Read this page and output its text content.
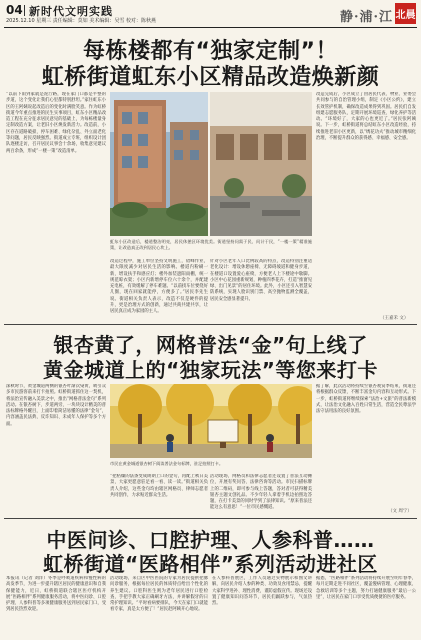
04 新时代文明实践
2025.12.10 星期三 责任编辑：莫如 美术编辑：吴雪 校对：陈秋燕	静·浦·江 北晨
每栋楼都有“独家定制”！
虹桥街道虹东小区精品改造焕新颜
“以前下雨到家就是泥泞路，现在家门口都是平整的步道，这个变化让我们心里都特别舒坦。”家住虹东小区的王阿姨说起改造后的变化时满脸笑意。作为虹桥街道今年重点推进的民生实事项目，虹东小区精品改造工程在充分征求居民意见的基础上，为每栋楼量身定制改造方案，让老旧小区焕发新活力。改造前，小区存在道路破损、停车困难、绿化杂乱、外立面老化等问题，居民反映强烈。街道成立专班，组织设计团队逐楼走访，召开居民议事会十余场，收集意见建议两百余条，形成“一楼一策”改造清单。
虹东小区改造后，楼道整洁明亮，居民休憩区环境优美。街道坚持问需于民、问计于民，“一楼一策”精准施策，让改造真正改到居民心坎上。
改造过程中，施工单位坚持文明施工，错峰作业，最大限度减少对居民生活的影响。楼道内粉刷一新，增设扶手和感应灯；楼外加装遮阳雨棚，统一规范晾衣架；小区内新增停车位六十余个，并配建充电桩，有效缓解了停车难题。“以前找车位要绕好几圈，现在回家就能停，方便多了。”居民李先生说。街道相关负责人表示，改造不仅是硬件的提升，更是治理方式的创新，通过共商共建共享，让居民真正成为家园的主人。
针对小区老年人口比例较高的特点，改造特别注重适老化设计：增设休憩座椅、无障碍坡道和健身步道，在楼道口设置爱心座椅，方便老人上下楼途中歇脚。小区中心花园重新规划，种植四季花卉，打造“推窗见绿、出门见景”的居住环境。此外，小区还引入智慧安防系统，实现人脸识别门禁、高空抛物监测全覆盖，居民安全感显著提升。
改造完成后，小区成立了由居民代表、物业、业委会共同参与的自治管理小组，制定《小区公约》，建立长效管护机制，确保改造成果得到巩固。居民们自发组建志愿服务队，定期开展环境巡查、绿化养护等活动。“环境好了，大家的心也更近了。”居民张阿姨说。下一步，虹桥街道将总结虹东小区改造经验，持续推进老旧小区更新，以“绣花功夫”推动城市精细化治理，不断提升群众的获得感、幸福感、安全感。
（王嘉禾 文）
银杏黄了，网格普法“金”句上线了
黄金城道上的“独家玩法”等您来打卡
深秋时节，黄金城道两侧的银杏叶渐次染黄，吸引众多市民游客前来打卡拍照。虹桥街道抓住这一契机，将法治宣传融入美景之中，推出“网格普法金句”系列活动。在银杏树下、步道两旁，一块块设计精美的普法标牌格外醒目，上面印着简洁易懂的法律“金句”，内容涵盖民法典、反诈知识、未成年人保护等多个方面。
市民在黄金城道银杏树下阅读普法金句标牌，驻足拍照打卡。
“把枯燥的法条变成朗朗上口的金句，再配上秋日美景，大家更愿意驻足看一看、读一读。”街道相关负责人介绍，这些金句均由辖区网格员、律师志愿者共同创作，力求贴近群众生活。
活动现场，网格员和法律志愿者还设置了普法互动摊位，开展有奖问答、法律咨询等活动。市民扫描标牌上的二维码，即可参与线上答题，答对者可获得精美银杏主题文创礼品。不少年轻人拿着手机边拍照边答题，在打卡美景的同时学到了法律知识。“原来普法还能这么有意思！”一位市民感慨道。
据了解，此次活动将持续至银杏观赏季结束，街道还将根据群众反馈，不断丰富金句内容和互动形式。下一步，虹桥街道将继续探索“法治+文旅”的普法新模式，让法治文化融入百姓日常生活，营造全民尊法学法守法用法的良好氛围。
（文 周宁）
中医问诊、口腔护理、人参科普……
虹桥街道“医路相伴”系列活动进社区
本报讯（记者 刘洋）冬季是呼吸道疾病和慢性病的高发季节，为进一步提升辖区居民的健康意识和自我保健能力，近日，虹桥街道联合辖区医疗机构开展“医路相伴”系列健康服务活动，将中医问诊、口腔护理、人参科普等多项健康服务送到居民家门口，受到居民热烈欢迎。
活动现场，来自区中医医院的专家为居民提供把脉问诊服务，根据每位居民的体质特点给出个性化的养生建议。口腔科医生则为老年居民进行口腔检查，手把手教大家正确刷牙方法，并讲解假牙的日常护理知识。“平时看病要排队，今天在家门口就能看专家，真是太方便了！”居民赵阿姨开心地说。
在人参科普展区，工作人员通过实物展示和图文讲解，向居民介绍人参的种类、功效及食用禁忌，提醒大家科学进补、理性消费，谨防虚假宣传。现场还设置了健康知识问答环节，居民们踊跃参与，气氛热烈。
据悉，“医路相伴”系列活动将持续开展至明年春季，每月定期走进不同社区，覆盖慢病管理、心理健康、急救培训等多个主题，努力打通健康服务“最后一公里”，让居民在家门口享受优质便捷的医疗服务。
